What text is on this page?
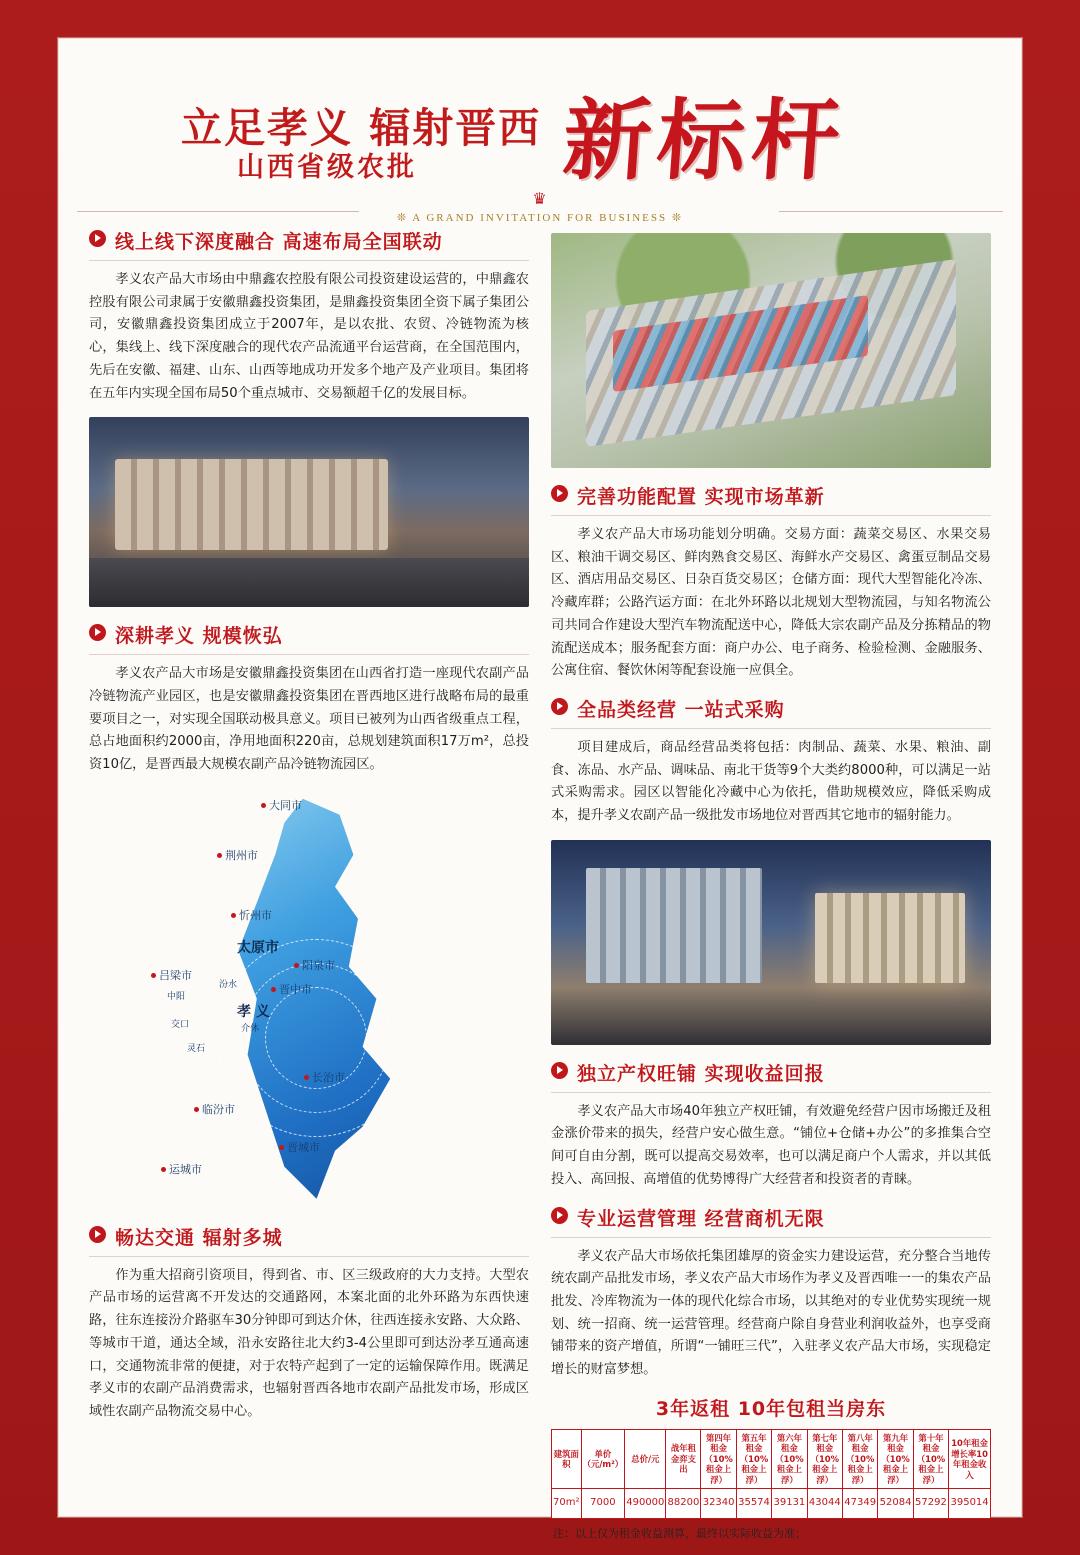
立足孝义 辐射晋西
山西省级农批 新标杆
♛
❊ A GRAND INVITATION FOR BUSINESS ❊
线上线下深度融合 高速布局全国联动

孝义农产品大市场由中鼎鑫农控股有限公司投资建设运营的，中鼎鑫农控股有限公司隶属于安徽鼎鑫投资集团，是鼎鑫投资集团全资下属子集团公司，安徽鼎鑫投资集团成立于2007年，是以农批、农贸、冷链物流为核心，集线上、线下深度融合的现代农产品流通平台运营商，在全国范围内，先后在安徽、福建、山东、山西等地成功开发多个地产及产业项目。集团将在五年内实现全国布局50个重点城市、交易额超千亿的发展目标。

深耕孝义 规模恢弘

孝义农产品大市场是安徽鼎鑫投资集团在山西省打造一座现代农副产品冷链物流产业园区，也是安徽鼎鑫投资集团在晋西地区进行战略布局的最重要项目之一，对实现全国联动极具意义。项目已被列为山西省级重点工程，总占地面积约2000亩，净用地面积220亩，总规划建筑面积17万m²，总投资10亿，是晋西最大规模农副产品冷链物流园区。

大同市
荆州市
忻州市
阳泉市
吕梁市
晋中市
长治市
临汾市
晋城市
运城市
中阳
汾水
交口	介休
灵石
太原市
孝 义
畅达交通 辐射多城

作为重大招商引资项目，得到省、市、区三级政府的大力支持。大型农产品市场的运营离不开发达的交通路网，本案北面的北外环路为东西快速路，往东连接汾介路驱车30分钟即可到达介休，往西连接永安路、大众路、等城市干道，通达全域，沿永安路往北大约3-4公里即可到达汾孝互通高速口，交通物流非常的便捷，对于农特产起到了一定的运输保障作用。既满足孝义市的农副产品消费需求，也辐射晋西各地市农副产品批发市场，形成区域性农副产品物流交易中心。

完善功能配置 实现市场革新

孝义农产品大市场功能划分明确。交易方面：蔬菜交易区、水果交易区、粮油干调交易区、鲜肉熟食交易区、海鲜水产交易区、禽蛋豆制品交易区、酒店用品交易区、日杂百货交易区；仓储方面：现代大型智能化冷冻、冷藏库群；公路汽运方面：在北外环路以北规划大型物流园，与知名物流公司共同合作建设大型汽车物流配送中心，降低大宗农副产品及分拣精品的物流配送成本；服务配套方面：商户办公、电子商务、检验检测、金融服务、公寓住宿、餐饮休闲等配套设施一应俱全。

全品类经营 一站式采购

项目建成后，商品经营品类将包括：肉制品、蔬菜、水果、粮油、副食、冻品、水产品、调味品、南北干货等9个大类约8000种，可以满足一站式采购需求。园区以智能化冷藏中心为依托，借助规模效应，降低采购成本，提升孝义农副产品一级批发市场地位对晋西其它地市的辐射能力。

独立产权旺铺 实现收益回报

孝义农产品大市场40年独立产权旺铺，有效避免经营户因市场搬迁及租金涨价带来的损失，经营户安心做生意。“铺位+仓储+办公”的多推集合空间可自由分割，既可以提高交易效率，也可以满足商户个人需求，并以其低投入、高回报、高增值的优势博得广大经营者和投资者的青睐。

专业运营管理 经营商机无限

孝义农产品大市场依托集团雄厚的资金实力建设运营，充分整合当地传统农副产品批发市场，孝义农产品大市场作为孝义及晋西唯一一的集农产品批发、冷库物流为一体的现代化综合市场，以其绝对的专业优势实现统一规划、统一招商、统一运营管理。经营商户除自身营业利润收益外，也享受商铺带来的资产增值，所谓“一铺旺三代”，入驻孝义农产品大市场，实现稳定增长的财富梦想。

3年返租 10年包租当房东
建筑面积	单价（元/m²）	总价/元	战年租金弈支出	第四年租金（10%租金上浮）	第五年租金（10%租金上浮）	第六年租金（10%租金上浮）	第七年租金（10%租金上浮）	第八年租金（10%租金上浮）	第九年租金（10%租金上浮）	第十年租金（10%租金上浮）	10年租金增长率10年租金收入
70m²	7000	490000	88200	32340	35574	39131	43044	47349	52084	57292	395014
注：以上仅为租金收益测算，最终以实际收益为准；
